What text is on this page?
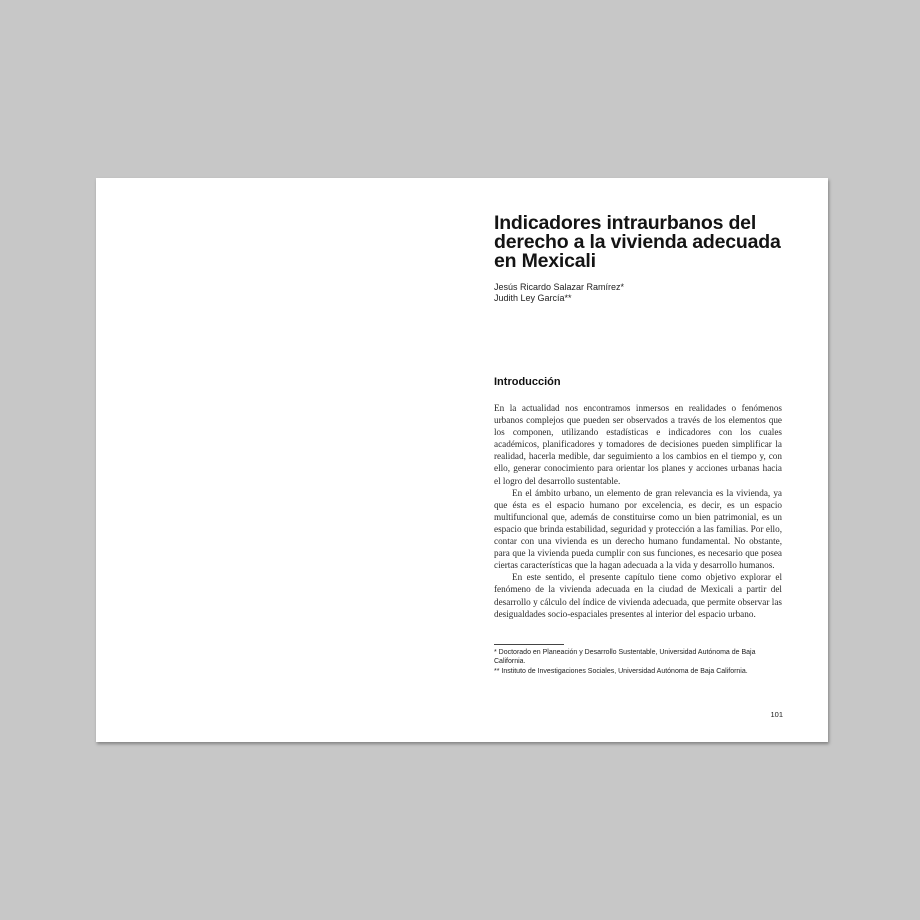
Indicadores intraurbanos del derecho a la vivienda adecuada en Mexicali
Jesús Ricardo Salazar Ramírez*
Judith Ley García**
Introducción

En la actualidad nos encontramos inmersos en realidades o fenómenos urbanos complejos que pueden ser observados a través de los elementos que los componen, utilizando estadísticas e indicadores con los cuales académicos, planificadores y tomadores de decisiones pueden simplificar la realidad, hacerla medible, dar seguimiento a los cambios en el tiempo y, con ello, generar conocimiento para orientar los planes y acciones urbanas hacia el logro del desarrollo sustentable.

En el ámbito urbano, un elemento de gran relevancia es la vivienda, ya que ésta es el espacio humano por excelencia, es decir, es un espacio multifuncional que, además de constituirse como un bien patrimonial, es un espacio que brinda estabilidad, seguridad y protección a las familias. Por ello, contar con una vivienda es un derecho humano fundamental. No obstante, para que la vivienda pueda cumplir con sus funciones, es necesario que posea ciertas características que la hagan adecuada a la vida y desarrollo humanos.

En este sentido, el presente capítulo tiene como objetivo explorar el fenómeno de la vivienda adecuada en la ciudad de Mexicali a partir del desarrollo y cálculo del índice de vivienda adecuada, que permite observar las desigualdades socio-espaciales presentes al interior del espacio urbano.

* Doctorado en Planeación y Desarrollo Sustentable, Universidad Autónoma de Baja California.

** Instituto de Investigaciones Sociales, Universidad Autónoma de Baja California.

101
